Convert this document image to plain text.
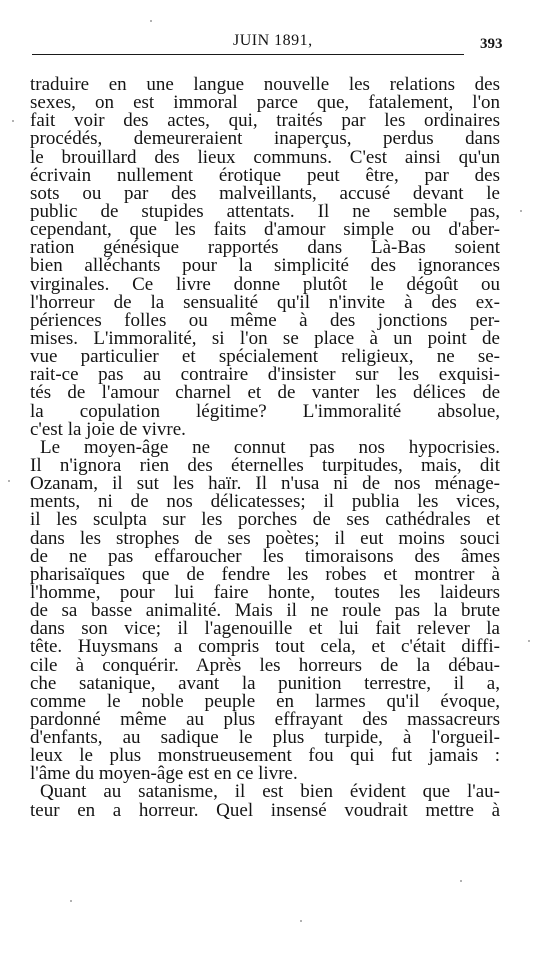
JUIN 1891,	393
traduire en une langue nouvelle les relations des
sexes, on est immoral parce que, fatalement, l'on
fait voir des actes, qui, traités par les ordinaires
procédés, demeureraient inaperçus, perdus dans
le brouillard des lieux communs. C'est ainsi qu'un
écrivain nullement érotique peut être, par des
sots ou par des malveillants, accusé devant le
public de stupides attentats. Il ne semble pas,
cependant, que les faits d'amour simple ou d'aber-
ration génésique rapportés dans Là-Bas soient
bien alléchants pour la simplicité des ignorances
virginales. Ce livre donne plutôt le dégoût ou
l'horreur de la sensualité qu'il n'invite à des ex-
périences folles ou même à des jonctions per-
mises. L'immoralité, si l'on se place à un point de
vue particulier et spécialement religieux, ne se-
rait-ce pas au contraire d'insister sur les exquisi-
tés de l'amour charnel et de vanter les délices de
la copulation légitime? L'immoralité absolue,
c'est la joie de vivre.
Le moyen-âge ne connut pas nos hypocrisies.
Il n'ignora rien des éternelles turpitudes, mais, dit
Ozanam, il sut les haïr. Il n'usa ni de nos ménage-
ments, ni de nos délicatesses; il publia les vices,
il les sculpta sur les porches de ses cathédrales et
dans les strophes de ses poètes; il eut moins souci
de ne pas effaroucher les timoraisons des âmes
pharisaïques que de fendre les robes et montrer à
l'homme, pour lui faire honte, toutes les laideurs
de sa basse animalité. Mais il ne roule pas la brute
dans son vice; il l'agenouille et lui fait relever la
tête. Huysmans a compris tout cela, et c'était diffi-
cile à conquérir. Après les horreurs de la débau-
che satanique, avant la punition terrestre, il a,
comme le noble peuple en larmes qu'il évoque,
pardonné même au plus effrayant des massacreurs
d'enfants, au sadique le plus turpide, à l'orgueil-
leux le plus monstrueusement fou qui fut jamais :
l'âme du moyen-âge est en ce livre.
Quant au satanisme, il est bien évident que l'au-
teur en a horreur. Quel insensé voudrait mettre à
